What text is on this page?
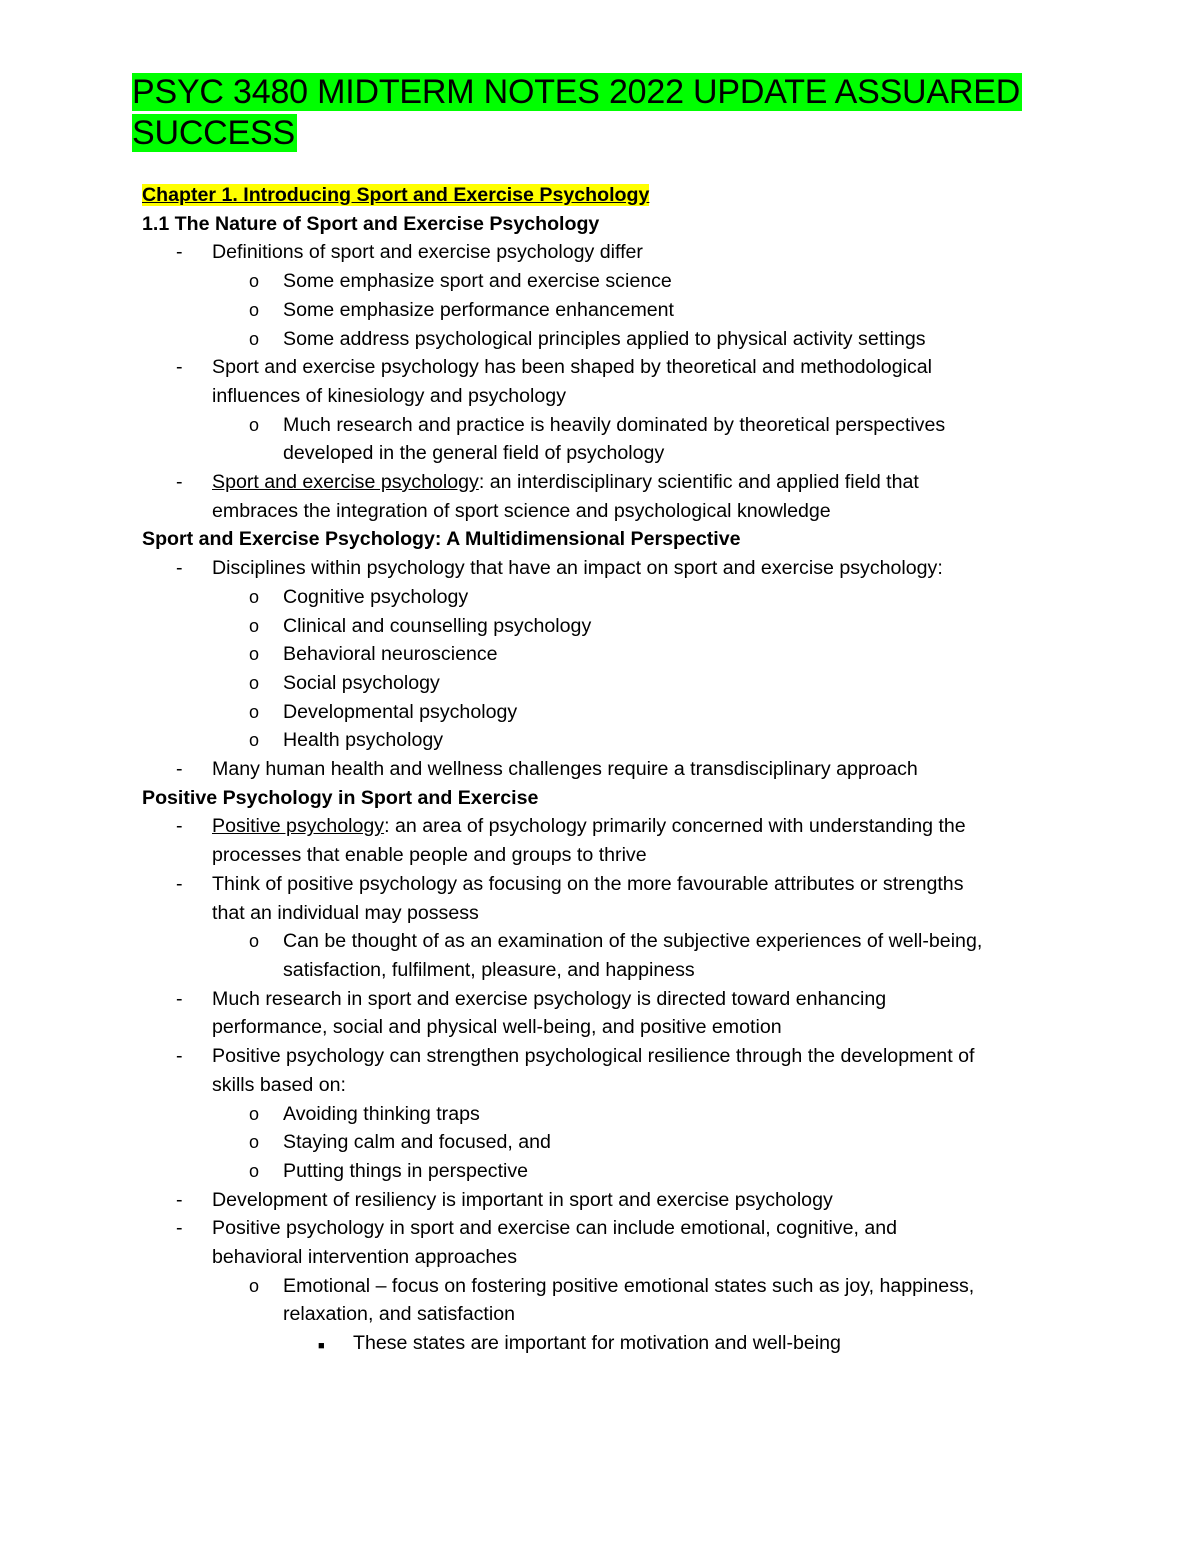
PSYC 3480 MIDTERM NOTES 2022 UPDATE ASSUARED
SUCCESS
Chapter 1. Introducing Sport and Exercise Psychology
1.1 The Nature of Sport and Exercise Psychology
-	Definitions of sport and exercise psychology differ
o	Some emphasize sport and exercise science
o	Some emphasize performance enhancement
o	Some address psychological principles applied to physical activity settings
-	Sport and exercise psychology has been shaped by theoretical and methodological
influences of kinesiology and psychology
o	Much research and practice is heavily dominated by theoretical perspectives
developed in the general field of psychology
-	Sport and exercise psychology: an interdisciplinary scientific and applied field that
embraces the integration of sport science and psychological knowledge
Sport and Exercise Psychology: A Multidimensional Perspective
-	Disciplines within psychology that have an impact on sport and exercise psychology:
o	Cognitive psychology
o	Clinical and counselling psychology
o	Behavioral neuroscience
o	Social psychology
o	Developmental psychology
o	Health psychology
-	Many human health and wellness challenges require a transdisciplinary approach
Positive Psychology in Sport and Exercise
-	Positive psychology: an area of psychology primarily concerned with understanding the
processes that enable people and groups to thrive
-	Think of positive psychology as focusing on the more favourable attributes or strengths
that an individual may possess
o	Can be thought of as an examination of the subjective experiences of well-being,
satisfaction, fulfilment, pleasure, and happiness
-	Much research in sport and exercise psychology is directed toward enhancing
performance, social and physical well-being, and positive emotion
-	Positive psychology can strengthen psychological resilience through the development of
skills based on:
o	Avoiding thinking traps
o	Staying calm and focused, and
o	Putting things in perspective
-	Development of resiliency is important in sport and exercise psychology
-	Positive psychology in sport and exercise can include emotional, cognitive, and
behavioral intervention approaches
o	Emotional – focus on fostering positive emotional states such as joy, happiness,
relaxation, and satisfaction
■	These states are important for motivation and well-being
